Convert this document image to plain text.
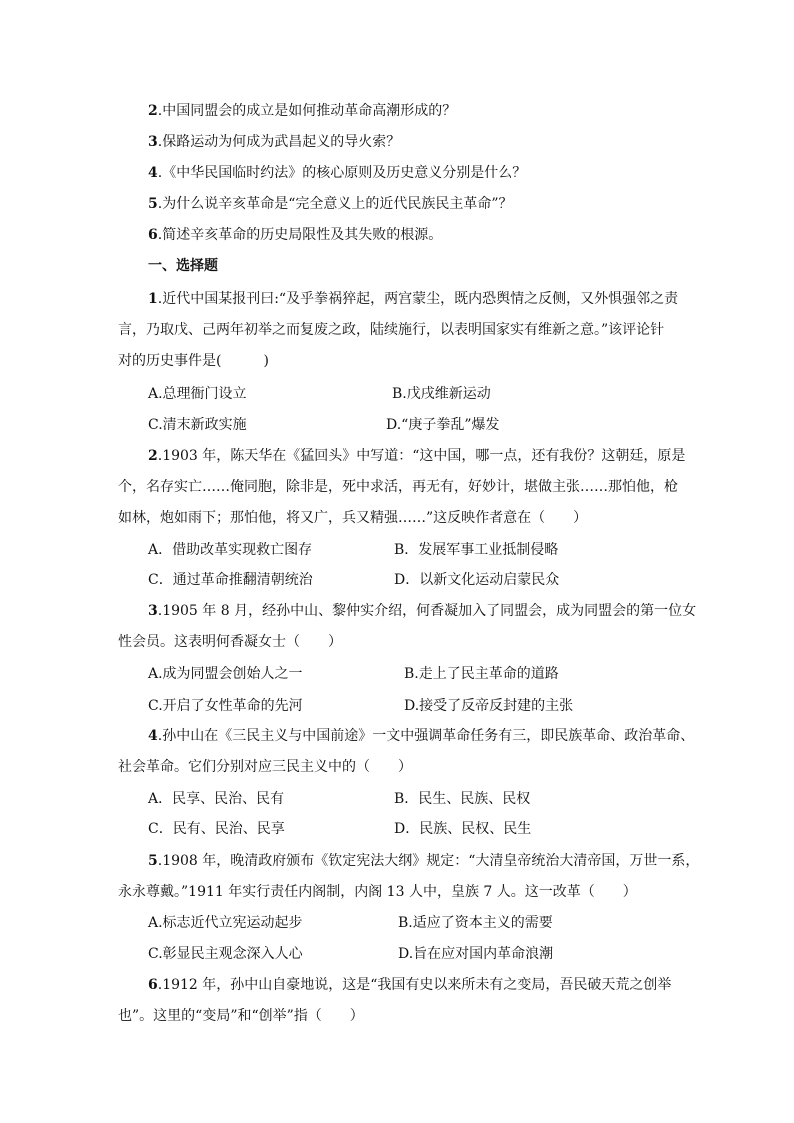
2.中国同盟会的成立是如何推动革命高潮形成的？
3.保路运动为何成为武昌起义的导火索？
4.《中华民国临时约法》的核心原则及历史意义分别是什么？
5.为什么说辛亥革命是“完全意义上的近代民族民主革命”？
6.简述辛亥革命的历史局限性及其失败的根源。
一、选择题
1.近代中国某报刊曰:“及乎拳祸猝起，两宫蒙尘，既内恐舆情之反侧，又外惧强邻之责
言，乃取戊、己两年初举之而复废之政，陆续施行，以表明国家实有维新之意。”该评论针
对的历史事件是(　　　)
A.总理衙门设立	B.戊戌维新运动
C.清末新政实施	D.“庚子拳乱”爆发
2.1903 年，陈天华在《猛回头》中写道：“这中国，哪一点，还有我份？这朝廷，原是
个，名存实亡……俺同胞，除非是，死中求活，再无有，好妙计，堪做主张……那怕他，枪
如林，炮如雨下；那怕他，将又广，兵又精强……”这反映作者意在（　　）
A．借助改革实现救亡图存	B．发展军事工业抵制侵略
C．通过革命推翻清朝统治	D．以新文化运动启蒙民众
3.1905 年 8 月，经孙中山、黎仲实介绍，何香凝加入了同盟会，成为同盟会的第一位女
性会员。这表明何香凝女士（　　）
A.成为同盟会创始人之一	B.走上了民主革命的道路
C.开启了女性革命的先河	D.接受了反帝反封建的主张
4.孙中山在《三民主义与中国前途》一文中强调革命任务有三，即民族革命、政治革命、
社会革命。它们分别对应三民主义中的（　　）
A．民享、民治、民有	B．民生、民族、民权
C．民有、民治、民享	D．民族、民权、民生
5.1908 年，晚清政府颁布《钦定宪法大纲》规定：“大清皇帝统治大清帝国，万世一系，
永永尊戴。”1911 年实行责任内阁制，内阁 13 人中，皇族 7 人。这一改革（　　）
A.标志近代立宪运动起步	B.适应了资本主义的需要
C.彰显民主观念深入人心	D.旨在应对国内革命浪潮
6.1912 年，孙中山自豪地说，这是“我国有史以来所未有之变局，吾民破天荒之创举
也”。这里的“变局”和“创举”指（　　）
